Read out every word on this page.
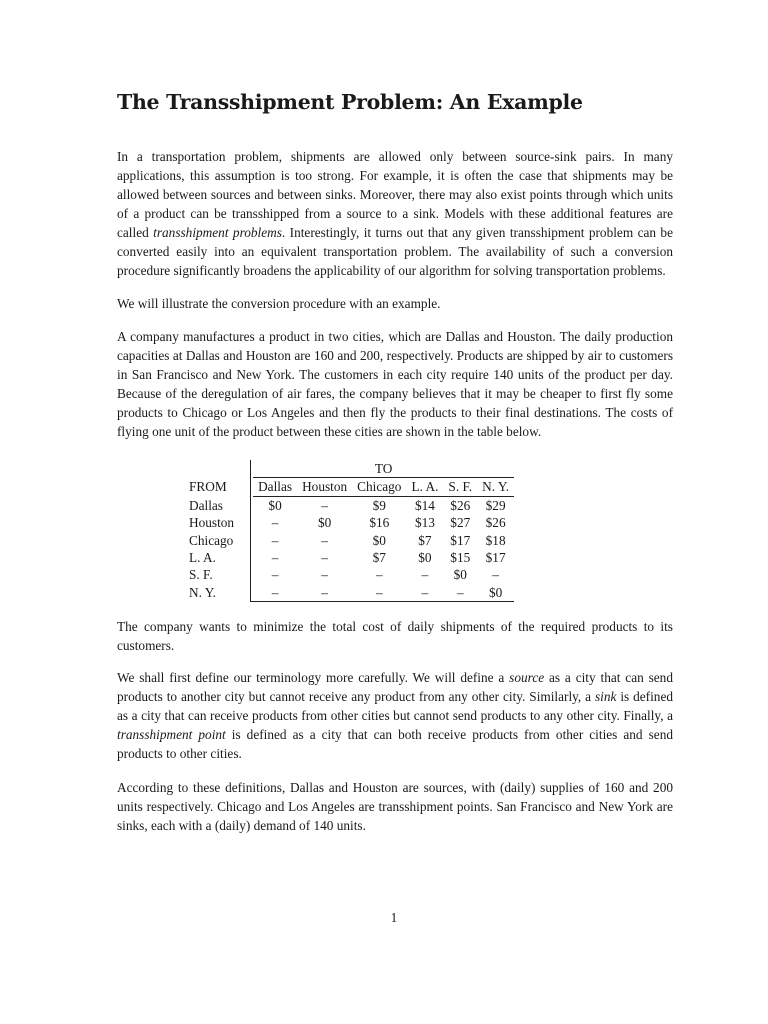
The Transshipment Problem: An Example

In a transportation problem, shipments are allowed only between source-sink pairs. In many applications, this assumption is too strong. For example, it is often the case that shipments may be allowed between sources and between sinks. Moreover, there may also exist points through which units of a product can be transshipped from a source to a sink. Models with these additional features are called transshipment problems. Interestingly, it turns out that any given transshipment problem can be converted easily into an equivalent transportation problem. The availability of such a conversion procedure significantly broadens the applicability of our algorithm for solving transportation problems.

We will illustrate the conversion procedure with an example.

A company manufactures a product in two cities, which are Dallas and Houston. The daily production capacities at Dallas and Houston are 160 and 200, respectively. Products are shipped by air to customers in San Francisco and New York. The customers in each city require 140 units of the product per day. Because of the deregulation of air fares, the company believes that it may be cheaper to first fly some products to Chicago or Los Angeles and then fly the products to their final destinations. The costs of flying one unit of the product between these cities are shown in the table below.

		TO					
FROM		Dallas	Houston	Chicago	L. A.	S. F.	N. Y.
Dallas		$0	–	$9	$14	$26	$29
Houston		–	$0	$16	$13	$27	$26
Chicago		–	–	$0	$7	$17	$18
L. A.		–	–	$7	$0	$15	$17
S. F.		–	–	–	–	$0	–
N. Y.		–	–	–	–	–	$0

The company wants to minimize the total cost of daily shipments of the required products to its customers.

We shall first define our terminology more carefully. We will define a source as a city that can send products to another city but cannot receive any product from any other city. Similarly, a sink is defined as a city that can receive products from other cities but cannot send products to any other city. Finally, a transshipment point is defined as a city that can both receive products from other cities and send products to other cities.

According to these definitions, Dallas and Houston are sources, with (daily) supplies of 160 and 200 units respectively. Chicago and Los Angeles are transshipment points. San Francisco and New York are sinks, each with a (daily) demand of 140 units.

1
